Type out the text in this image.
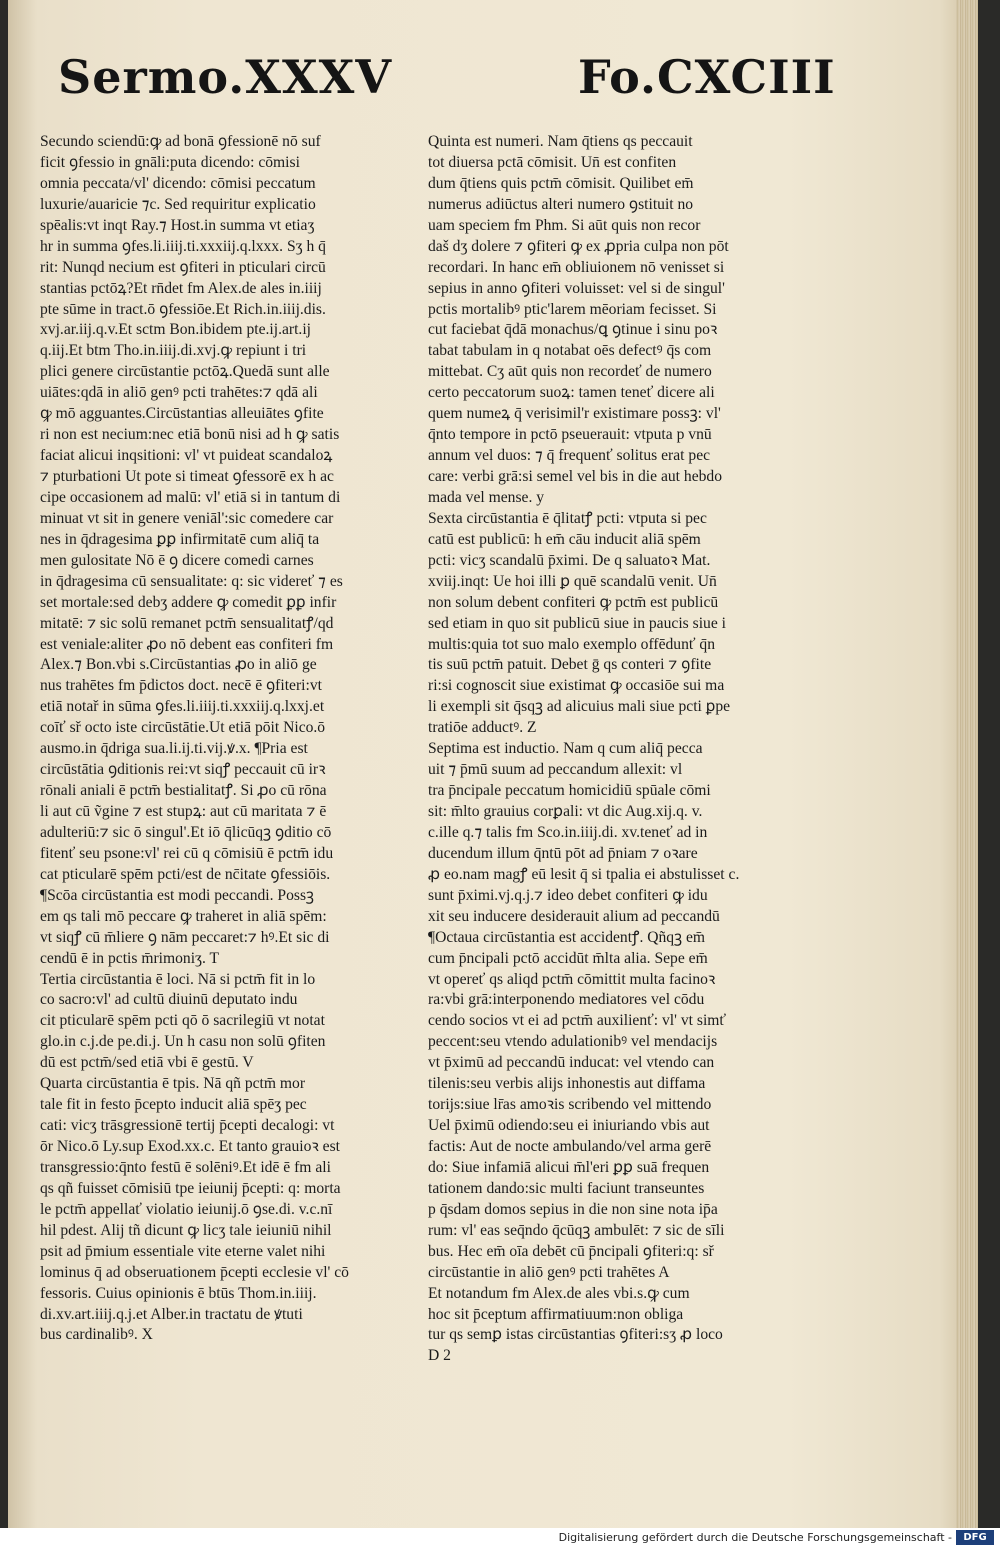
Sermo.XXXV	Fo.CXCIII
Secundo sciendū:ꝙ ad bonā ꝯfessionē nō suf
ficit ꝯfessio in gnāli:puta dicendo: cōmisi
omnia peccata/vl' dicendo: cōmisi peccatum
luxurie/auaricie ⁊c. Sed requiritur explicatio
spēalis:vt inqt Ray.⁊ Host.in summa vt etiaʒ
hr in summa ꝯfes.li.iiij.ti.xxxiij.q.lxxx. Sʒ h q̄
rit: Nunqd necium est ꝯfiteri in pticulari circū
stantias pctōꝝ?Et rn̄det fm Alex.de ales in.iiij
pte sūme in tract.ō ꝯfessiōe.Et Rich.in.iiij.dis.
xvj.ar.iij.q.v.Et sctm Bon.ibidem pte.ij.art.ij
q.iij.Et btm Tho.in.iiij.di.xvj.ꝙ repiunt i tri
plici genere circūstantie pctōꝝ.Quedā sunt alle
uiātes:qdā in aliō genꝰ pcti trahētes:⁊ qdā ali
ꝙ mō agguantes.Circūstantias alleuiātes ꝯfite
ri non est necium:nec etiā bonū nisi ad h ꝙ satis
faciat alicui inqsitioni: vl' vt puideat scandaloꝝ
⁊ pturbationi Ut pote si timeat ꝯfessorē ex h ac
cipe occasionem ad malū: vl' etiā si in tantum di
minuat vt sit in genere veniāl':sic comedere car
nes in q̄dragesima ꝑꝑ infirmitatē cum aliq̄ ta
men gulositate Nō ē ꝯ dicere comedi carnes
in q̄dragesima cū sensualitate: q: sic videreť ⁊ es
set mortale:sed debʒ addere ꝙ comedit ꝑꝑ infir
mitatē: ⁊ sic solū remanet pctm̄ sensualitatꝭ/qd
est veniale:aliter ꝓo nō debent eas confiteri fm
Alex.⁊ Bon.vbi s.Circūstantias ꝓo in aliō ge
nus trahētes fm p̄dictos doct. necē ē ꝯfiteri:vt
etiā notař in sūma ꝯfes.li.iiij.ti.xxxiij.q.lxxj.et
coīť sř octo iste circūstātie.Ut etiā pōit Nico.ō
ausmo.in q̄driga sua.li.ij.ti.vij.ꝟ.x. ¶Pria est
circūstātia ꝯditionis rei:vt siqꝭ peccauit cū irꝛ
rōnali aniali ē pctm̄ bestialitatꝭ. Si ꝓo cū rōna
li aut cū ṽgine ⁊ est stupꝝ: aut cū maritata ⁊ ē
adulteriū:⁊ sic ō singul'.Et iō q̄licūqꝫ ꝯditio cō
fitenť seu psone:vl' rei cū q cōmisiū ē pctm̄ idu
cat pticularē spēm pcti/est de nc̄itate ꝯfessiōis.
¶Scōa circūstantia est modi peccandi. Possꝫ
em qs tali mō peccare ꝙ traheret in aliā spēm:
vt siqꝭ cū m̄liere ꝯ nām peccaret:⁊ hꝰ.Et sic di
cendū ē in pctis m̄rimoniʒ. T
Tertia circūstantia ē loci. Nā si pctm̄ fit in lo
co sacro:vl' ad cultū diuinū deputato indu
cit pticularē spēm pcti qō ō sacrilegiū vt notat
glo.in c.j.de pe.di.j. Un h casu non solū ꝯfiten
dū est pctm̄/sed etiā vbi ē gestū. V
Quarta circūstantia ē tpis. Nā qñ pctm̄ mor
tale fit in festo p̄cepto inducit aliā spēʒ pec
cati: vicʒ trāsgressionē tertij p̄cepti decalogi: vt
ōr Nico.ō Ly.sup Exod.xx.c. Et tanto grauioꝛ est
transgressio:q̄nto festū ē solēniꝰ.Et idē ē fm ali
qs qñ fuisset cōmisiū tpe ieiunij p̄cepti: q: morta
le pctm̄ appellať violatio ieiunij.ō ꝯse.di. v.c.nī
hil pdest. Alij tñ dicunt ꝙ licʒ tale ieiuniū nihil
psit ad p̄mium essentiale vite eterne valet nihi
lominus q̄ ad obseruationem p̄cepti ecclesie vl' cō
fessoris. Cuius opinionis ē btūs Thom.in.iiij.
di.xv.art.iiij.q.j.et Alber.in tractatu de ꝟtuti
bus cardinalibꝰ. X
Quinta est numeri. Nam q̄tiens qs peccauit
tot diuersa pctā cōmisit. Un̄ est confiten
dum q̄tiens quis pctm̄ cōmisit. Quilibet em̄
numerus adiūctus alteri numero ꝯstituit no
uam speciem fm Phm. Si aūt quis non recor
daš dʒ dolere ⁊ ꝯfiteri ꝙ ex ꝓpria culpa non pōt
recordari. In hanc em̄ obliuionem nō venisset si
sepius in anno ꝯfiteri voluisset: vel si de singul'
pctis mortalibꝰ ptic'larem mēoriam fecisset. Si
cut faciebat q̄dā monachus/ꝗ ꝯtinue i sinu poꝛ
tabat tabulam in q notabat oēs defectꝰ q̄s com
mittebat. Cʒ aūt quis non recordeť de numero
certo peccatorum suoꝝ: tamen teneť dicere ali
quem numeꝝ q̄ verisimil'r existimare possꝫ: vl'
q̄nto tempore in pctō pseuerauit: vtputa p vnū
annum vel duos: ⁊ q̄ frequenť solitus erat pec
care: verbi grā:si semel vel bis in die aut hebdo
mada vel mense. y
Sexta circūstantia ē q̄litatꝭ pcti: vtputa si pec
catū est publicū: h em̄ cāu inducit aliā spēm
pcti: vicʒ scandalū p̄ximi. De q saluatoꝛ Mat.
xviij.inqt: Ue hoi illi ꝑ quē scandalū venit. Un̄
non solum debent confiteri ꝙ pctm̄ est publicū
sed etiam in quo sit publicū siue in paucis siue i
multis:quia tot suo malo exemplo offēdunť q̄n
tis suū pctm̄ patuit. Debet ḡ qs conteri ⁊ ꝯfite
ri:si cognoscit siue existimat ꝙ occasiōe sui ma
li exempli sit q̄sqꝫ ad alicuius mali siue pcti ꝑpe
tratiōe adductꝰ. Z
Septima est inductio. Nam q cum aliq̄ pecca
uit ⁊ p̄mū suum ad peccandum allexit: vl
tra p̄ncipale peccatum homicidiū spūale cōmi
sit: m̄lto grauius corꝑali: vt dic Aug.xij.q. v.
c.ille q.⁊ talis fm Sco.in.iiij.di. xv.teneť ad in
ducendum illum q̄ntū pōt ad p̄niam ⁊ oꝛare
ꝓ eo.nam magꝭ eū lesit q̄ si tpalia ei abstulisset c.
sunt p̄ximi.vj.q.j.⁊ ideo debet confiteri ꝙ idu
xit seu inducere desiderauit alium ad peccandū
¶Octaua circūstantia est accidentꝭ. Qñqꝫ em̄
cum p̄ncipali pctō accidūt m̄lta alia. Sepe em̄
vt opereť qs aliqd pctm̄ cōmittit multa facinoꝛ
ra:vbi grā:interponendo mediatores vel cōdu
cendo socios vt ei ad pctm̄ auxilienť: vl' vt simť
peccent:seu vtendo adulationibꝰ vel mendacijs
vt p̄ximū ad peccandū inducat: vel vtendo can
tilenis:seu verbis alijs inhonestis aut diffama
torijs:siue lr̄as amoꝛis scribendo vel mittendo
Uel p̄ximū odiendo:seu ei iniuriando vbis aut
factis: Aut de nocte ambulando/vel arma gerē
do: Siue infamiā alicui m̄l'eri ꝑꝑ suā frequen
tationem dando:sic multi faciunt transeuntes
p q̄sdam domos sepius in die non sine nota ip̄a
rum: vl' eas seq̄ndo q̄cūqꝫ ambulēt: ⁊ sic de sīli
bus. Hec em̄ oīa debēt cū p̄ncipali ꝯfiteri:q: sř
circūstantie in aliō genꝰ pcti trahētes A
Et notandum fm Alex.de ales vbi.s.ꝙ cum
hoc sit p̄ceptum affirmatiuum:non obliga
tur qs semꝑ istas circūstantias ꝯfiteri:sʒ ꝓ loco
D 2
Digitalisierung gefördert durch die Deutsche Forschungsgemeinschaft -	DFG
